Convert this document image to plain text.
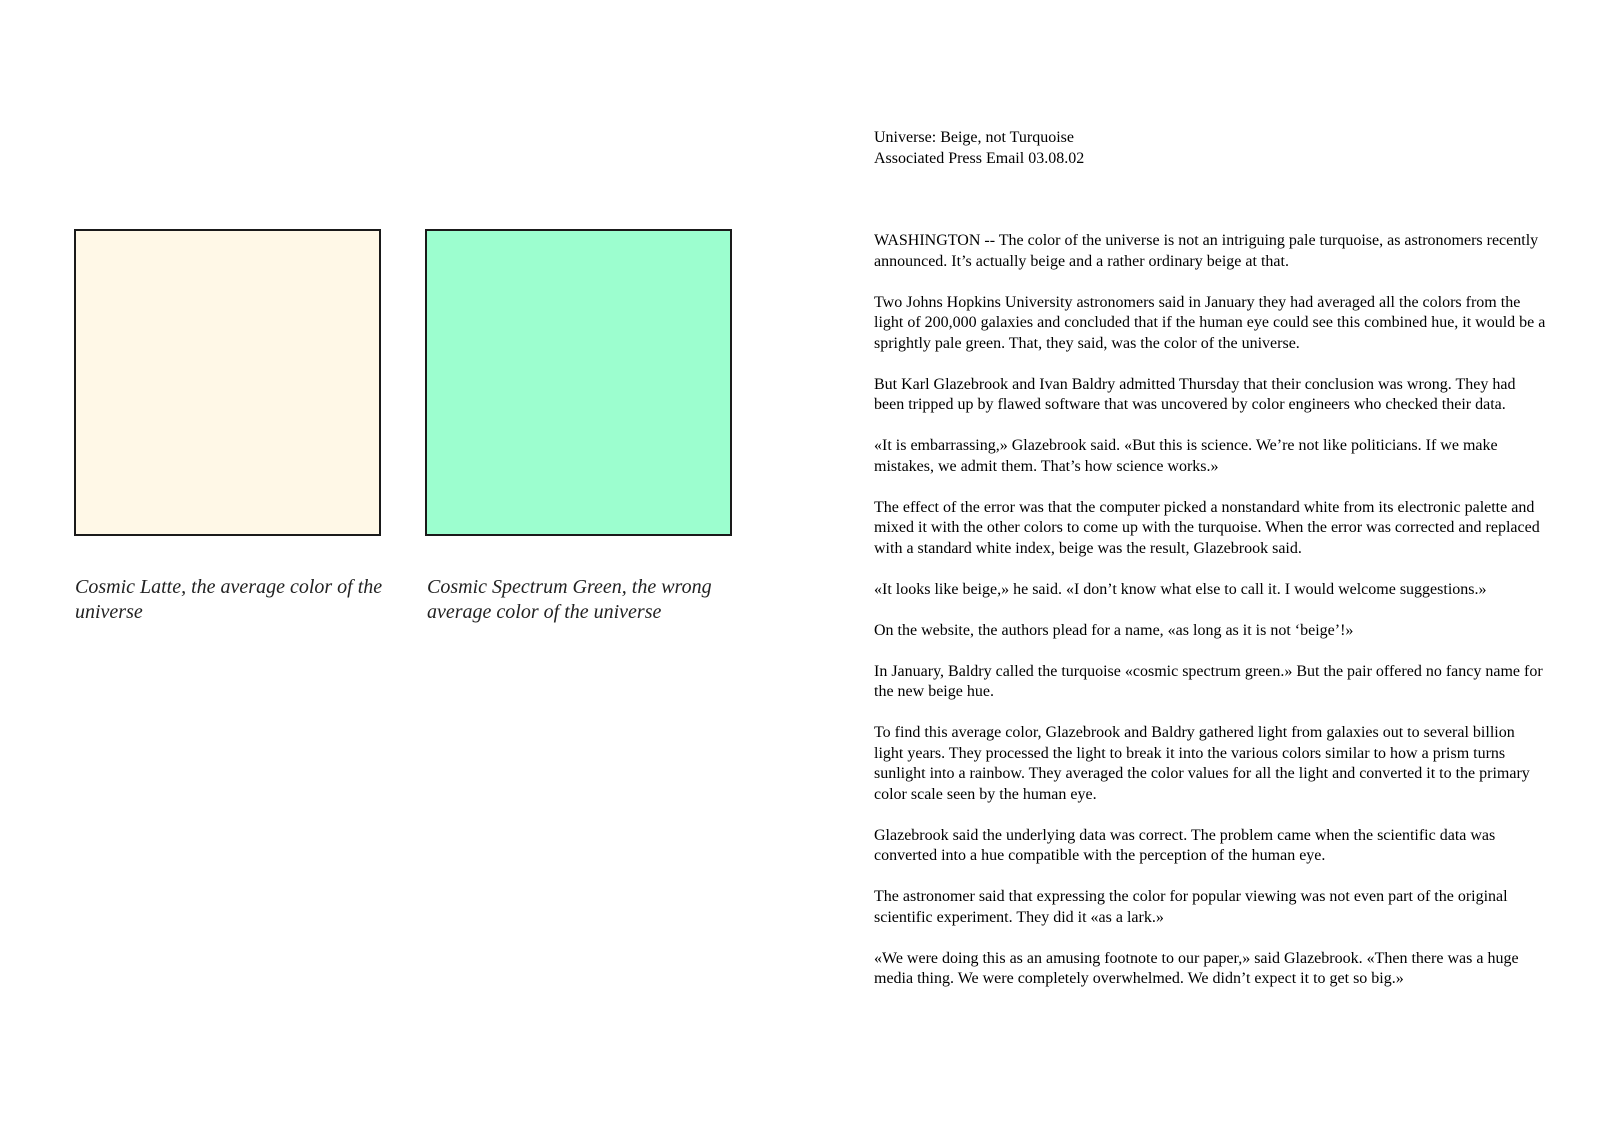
Cosmic Latte, the average color of the universe
Cosmic Spectrum Green, the wrong average color of the universe
Universe: Beige, not Turquoise
Associated Press Email 03.08.02

WASHINGTON -- The color of the universe is not an intriguing pale turquoise, as astronomers recently announced. It’s actually beige and a rather ordinary beige at that.

Two Johns Hopkins University astronomers said in January they had averaged all the colors from the light of 200,000 galaxies and concluded that if the human eye could see this combined hue, it would be a sprightly pale green. That, they said, was the color of the universe.

But Karl Glazebrook and Ivan Baldry admitted Thursday that their conclusion was wrong. They had been tripped up by flawed software that was uncovered by color engineers who checked their data.

«It is embarrassing,» Glazebrook said. «But this is science. We’re not like politicians. If we make mistakes, we admit them. That’s how science works.»

The effect of the error was that the computer picked a nonstandard white from its electronic palette and mixed it with the other colors to come up with the turquoise. When the error was corrected and replaced with a standard white index, beige was the result, Glazebrook said.

«It looks like beige,» he said. «I don’t know what else to call it. I would welcome suggestions.»

On the website, the authors plead for a name, «as long as it is not ‘beige’!»

In January, Baldry called the turquoise «cosmic spectrum green.» But the pair offered no fancy name for the new beige hue.

To find this average color, Glazebrook and Baldry gathered light from galaxies out to several billion light years. They processed the light to break it into the various colors similar to how a prism turns sunlight into a rainbow. They averaged the color values for all the light and converted it to the primary color scale seen by the human eye.

Glazebrook said the underlying data was correct. The problem came when the scientific data was converted into a hue compatible with the perception of the human eye.

The astronomer said that expressing the color for popular viewing was not even part of the original scientific experiment. They did it «as a lark.»

«We were doing this as an amusing footnote to our paper,» said Glazebrook. «Then there was a huge media thing. We were completely overwhelmed. We didn’t expect it to get so big.»
